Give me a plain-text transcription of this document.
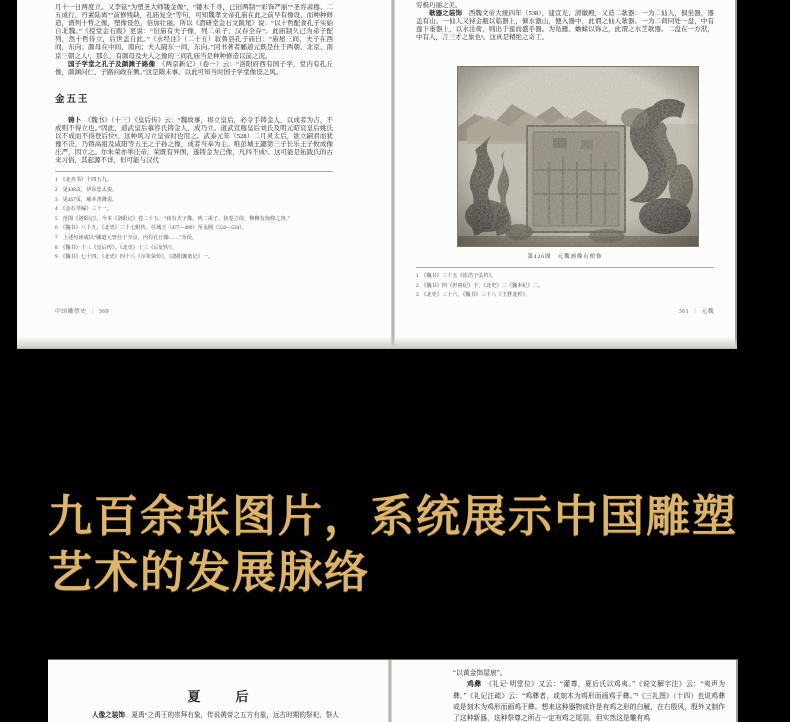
月十一日两度立。又李铉“为塑圣大师镂金像”，“镂木千寻，已旧两制”“彩饰严丽”“圣容肃穆、二五成行，丹素陆离”“前修残缺，孔庙复全”等句，可知魏孝文帝孔庙在此之前早有像设，而种种修造，谱列十哲之像，塑像设色，倍加壮丽。所以《潜研堂金石文跋尾》说：“以十哲配食孔子实始自北魏。”《授堂金石跋》更说：“旧庙有夫子像，列二弟子，汉春全存”。此庙制久已为弟子配列，然十哲侍立，后世盖自此。”《水经注》（二十五）叙鲁县孔子庙曰：“庙屋三间，夫子在西间，东向；颜母在中间，南向；夫人隔东一间，东向。”同书著者郦道元既是仕于两朝、北京、南京三朝之人¹，那么，有颜母及夫人之像的三间孔庙当是种种修造以前之况。

国子学堂之孔子及颜渊子路像　《两京新记》（卷一）云：“洛阳府西有国子学，堂内有孔丘像，颜渊问仁、子路问政在侧。”这是隋末事。以此可知当时国子学堂像设之风。

金五王

铸卜　《魏书》（十三）《皇后传》云：“魏故事，将立皇后，必令手铸金人，以成者为吉，不成则不得立也。”因此，道武皇后慕容氏铸金人，成乃立。道武宣穆皇后刘氏及明元昭哀皇后姚氏以不成而不得登后位⁸。这种风习立皇帝时也用之。武泰元年（528）二月灵太后，欲立嗣君而犹豫不决，乃铸高祖及咸阳等五王之子孙之像，成者当奉为主。唯彭城王勰第三子长乐王子攸成像庄严，因立之。尔朱荣亦举庄帝，荣既有异图，遂铸金为己像，凡四不成⁹。这可能是拓跋氏的古来习俗，其起源不详，但可能与汉代

1　《北齐书》十四五九。
2　见438页，伊东忠太说。
3　见457页，塚本善隆说。
4　《金石萃编》三十一。
5　范围《洛阳记》，今本《洛阳记》卷二十五：“庙有夫子像，列二弟子，执卷立侍，穆穆有询仰之容。”
6　《魏书》八十九，《北史》二十七附传。任城王（477—499）至永熙（532—534）。
7　上述句读或以“郦道元曾仕于少京，内有孔丘像……”为误。
8　《魏书》十三《皇后传》，《北史》十三《后妃传》。
9　《魏书》七十四，《北史》四十八《尔朱荣传》，《洛阳伽蓝记》一。
中国雕塑史 ｜ 360

穷极巧丽之美。

欹器之装饰　西魏文帝大统四年（538），建宣光、清徽殿，又造二欹器：一为二仙人，俱坐器，器盖有山。一仙人又持金瓶以临器上，倾水激山，便入器中，此谓之仙人欹器。一为二荷同处一盘，中有莲下垂器上，以水注荷，则出于莲而盛乎器。为凫雁、蟾蜍以饰之，此谓之水芝欹器。二盘在一方洑，中有人，言三才之象也³。这真是精绝之奇工。

第426图　元魏画像石棺饰
1　《魏书》三十五《崔浩子弘传》。
2　《魏书》四《世祖纪》下，《北史》二《魏本纪》二。
3　《北史》三十六，《魏书》三十八《王慧龙传》。
361 ｜ 元魏

九百余张图片，系统展示中国雕塑
艺术的发展脉络

夏　后

人像之装饰　夏禹“之禹王的崇拜有象，传说黄帝之五方有象，远古时期的祭祀、祭人

“以黄金饰屋扆”。

鸡彝　《礼记·明堂位》又云：“灌尊，夏后氏以鸡夷。”《说文解字注》云：“夷声为彝。”《礼记注疏》云：“鸡彝者，或刻木为鸡形而画鸡于彝。”¹《三礼图》（十四）也说鸡彝或是刻木为鸡形而画鸡于彝。想来这种器物或许是有鸡之形的白觥，在右殷风，殷外又制作了这种新器，这种祭尊之所占一定有鸡之尾羽，但实然这是雕有鸡
